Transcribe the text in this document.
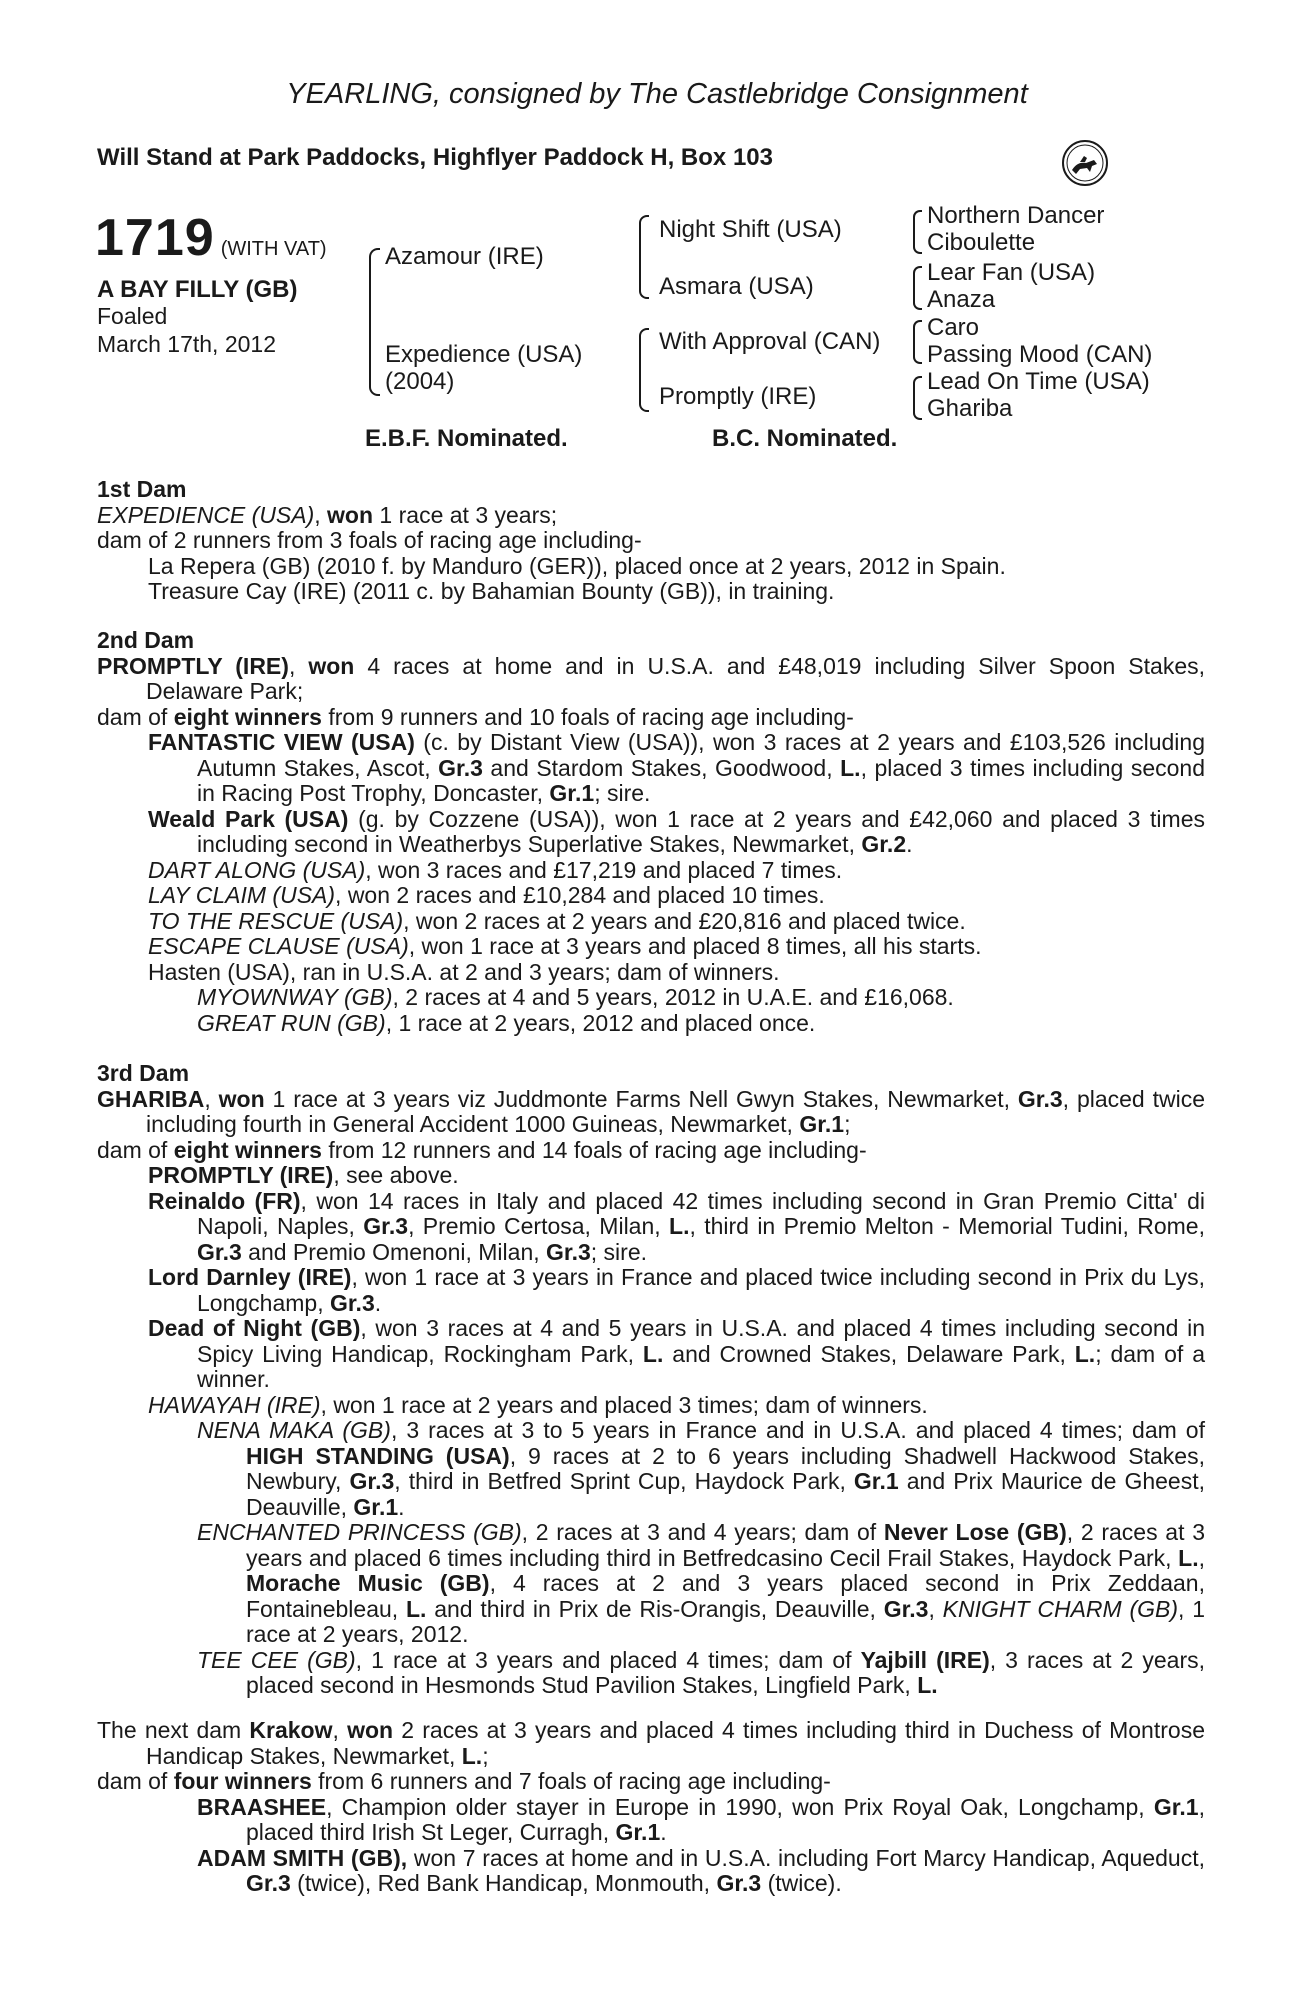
YEARLING, consigned by The Castlebridge Consignment
Will Stand at Park Paddocks, Highflyer Paddock H, Box 103
1719 (WITH VAT)
A BAY FILLY (GB)
Foaled
March 17th, 2012
Azamour (IRE)
Expedience (USA)
(2004)
Night Shift (USA)
Asmara (USA)
With Approval (CAN)
Promptly (IRE)
Northern Dancer
Ciboulette
Lear Fan (USA)
Anaza
Caro
Passing Mood (CAN)
Lead On Time (USA)
Ghariba
E.B.F. Nominated.	B.C. Nominated.

1st Dam

EXPEDIENCE (USA), won 1 race at 3 years;

dam of 2 runners from 3 foals of racing age including-

La Repera (GB) (2010 f. by Manduro (GER)), placed once at 2 years, 2012 in Spain.

Treasure Cay (IRE) (2011 c. by Bahamian Bounty (GB)), in training.

2nd Dam

PROMPTLY (IRE), won 4 races at home and in U.S.A. and £48,019 including Silver Spoon Stakes, Delaware Park;

dam of eight winners from 9 runners and 10 foals of racing age including-

FANTASTIC VIEW (USA) (c. by Distant View (USA)), won 3 races at 2 years and £103,526 including Autumn Stakes, Ascot, Gr.3 and Stardom Stakes, Goodwood, L., placed 3 times including second in Racing Post Trophy, Doncaster, Gr.1; sire.

Weald Park (USA) (g. by Cozzene (USA)), won 1 race at 2 years and £42,060 and placed 3 times including second in Weatherbys Superlative Stakes, Newmarket, Gr.2.

DART ALONG (USA), won 3 races and £17,219 and placed 7 times.

LAY CLAIM (USA), won 2 races and £10,284 and placed 10 times.

TO THE RESCUE (USA), won 2 races at 2 years and £20,816 and placed twice.

ESCAPE CLAUSE (USA), won 1 race at 3 years and placed 8 times, all his starts.

Hasten (USA), ran in U.S.A. at 2 and 3 years; dam of winners.

MYOWNWAY (GB), 2 races at 4 and 5 years, 2012 in U.A.E. and £16,068.

GREAT RUN (GB), 1 race at 2 years, 2012 and placed once.

3rd Dam

GHARIBA, won 1 race at 3 years viz Juddmonte Farms Nell Gwyn Stakes, Newmarket, Gr.3, placed twice including fourth in General Accident 1000 Guineas, Newmarket, Gr.1;

dam of eight winners from 12 runners and 14 foals of racing age including-

PROMPTLY (IRE), see above.

Reinaldo (FR), won 14 races in Italy and placed 42 times including second in Gran Premio Citta' di Napoli, Naples, Gr.3, Premio Certosa, Milan, L., third in Premio Melton - Memorial Tudini, Rome, Gr.3 and Premio Omenoni, Milan, Gr.3; sire.

Lord Darnley (IRE), won 1 race at 3 years in France and placed twice including second in Prix du Lys, Longchamp, Gr.3.

Dead of Night (GB), won 3 races at 4 and 5 years in U.S.A. and placed 4 times including second in Spicy Living Handicap, Rockingham Park, L. and Crowned Stakes, Delaware Park, L.; dam of a winner.

HAWAYAH (IRE), won 1 race at 2 years and placed 3 times; dam of winners.

NENA MAKA (GB), 3 races at 3 to 5 years in France and in U.S.A. and placed 4 times; dam of HIGH STANDING (USA), 9 races at 2 to 6 years including Shadwell Hackwood Stakes, Newbury, Gr.3, third in Betfred Sprint Cup, Haydock Park, Gr.1 and Prix Maurice de Gheest, Deauville, Gr.1.

ENCHANTED PRINCESS (GB), 2 races at 3 and 4 years; dam of Never Lose (GB), 2 races at 3 years and placed 6 times including third in Betfredcasino Cecil Frail Stakes, Haydock Park, L., Morache Music (GB), 4 races at 2 and 3 years placed second in Prix Zeddaan, Fontainebleau, L. and third in Prix de Ris-Orangis, Deauville, Gr.3, KNIGHT CHARM (GB), 1 race at 2 years, 2012.

TEE CEE (GB), 1 race at 3 years and placed 4 times; dam of Yajbill (IRE), 3 races at 2 years, placed second in Hesmonds Stud Pavilion Stakes, Lingfield Park, L.

The next dam Krakow, won 2 races at 3 years and placed 4 times including third in Duchess of Montrose Handicap Stakes, Newmarket, L.;

dam of four winners from 6 runners and 7 foals of racing age including-

BRAASHEE, Champion older stayer in Europe in 1990, won Prix Royal Oak, Longchamp, Gr.1, placed third Irish St Leger, Curragh, Gr.1.

ADAM SMITH (GB), won 7 races at home and in U.S.A. including Fort Marcy Handicap, Aqueduct, Gr.3 (twice), Red Bank Handicap, Monmouth, Gr.3 (twice).
